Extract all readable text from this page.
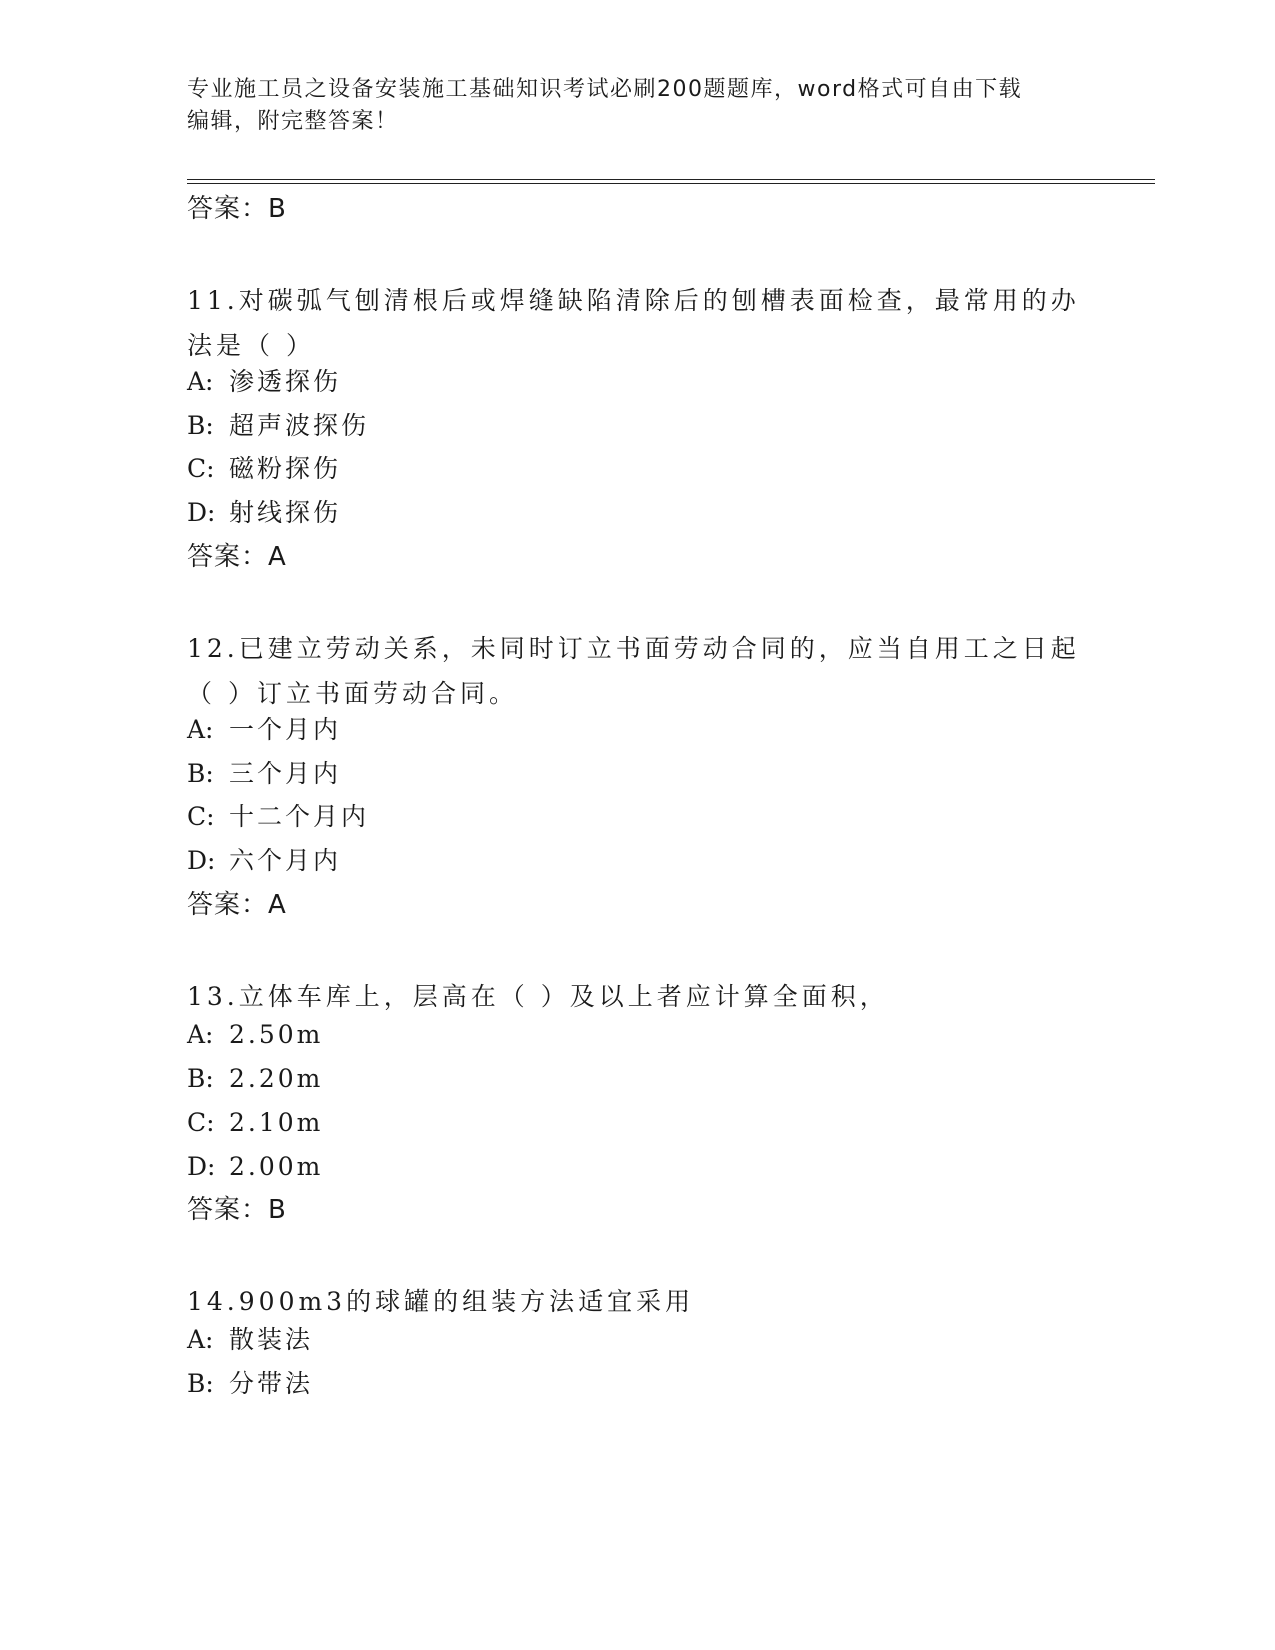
专业施工员之设备安装施工基础知识考试必刷200题题库，word格式可自由下载
编辑，附完整答案！
答案：B
11.对碳弧气刨清根后或焊缝缺陷清除后的刨槽表面检查，最常用的办
法是（ ）
A: 渗透探伤
B: 超声波探伤
C: 磁粉探伤
D: 射线探伤
答案：A
12.已建立劳动关系，未同时订立书面劳动合同的，应当自用工之日起
（ ）订立书面劳动合同。
A: 一个月内
B: 三个月内
C: 十二个月内
D: 六个月内
答案：A
13.立体车库上，层高在（ ）及以上者应计算全面积，
A: 2.50m
B: 2.20m
C: 2.10m
D: 2.00m
答案：B
14.900m3的球罐的组装方法适宜采用
A: 散装法
B: 分带法
